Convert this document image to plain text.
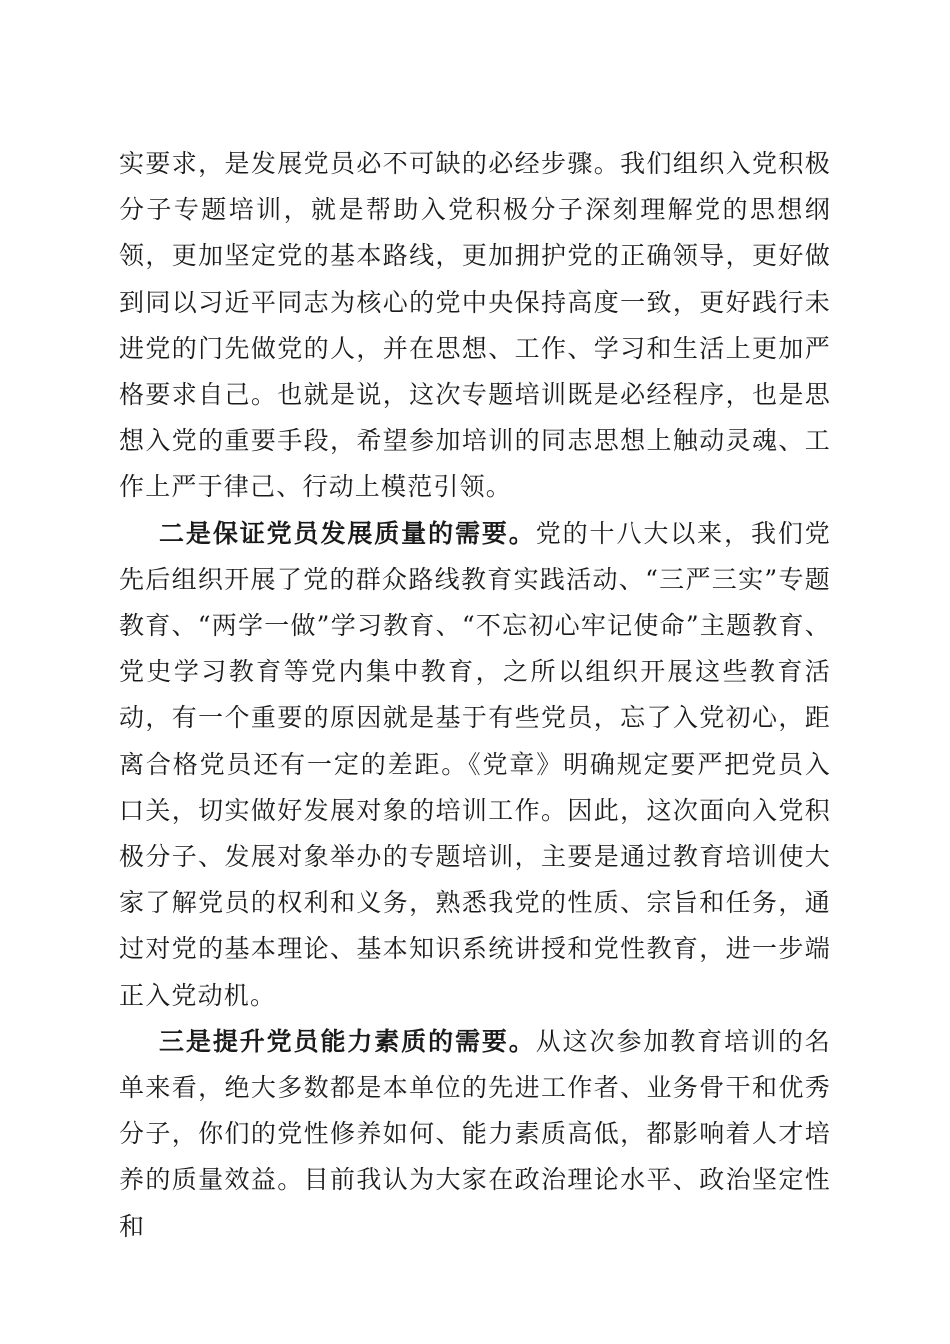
实要求，是发展党员必不可缺的必经步骤。我们组织入党积极分子专题培训，就是帮助入党积极分子深刻理解党的思想纲领，更加坚定党的基本路线，更加拥护党的正确领导，更好做到同以习近平同志为核心的党中央保持高度一致，更好践行未进党的门先做党的人，并在思想、工作、学习和生活上更加严格要求自己。也就是说，这次专题培训既是必经程序，也是思想入党的重要手段，希望参加培训的同志思想上触动灵魂、工作上严于律己、行动上模范引领。

二是保证党员发展质量的需要。党的十八大以来，我们党先后组织开展了党的群众路线教育实践活动、“三严三实”专题教育、“两学一做”学习教育、“不忘初心牢记使命”主题教育、党史学习教育等党内集中教育，之所以组织开展这些教育活动，有一个重要的原因就是基于有些党员，忘了入党初心，距离合格党员还有一定的差距。《党章》明确规定要严把党员入口关，切实做好发展对象的培训工作。因此，这次面向入党积极分子、发展对象举办的专题培训，主要是通过教育培训使大家了解党员的权利和义务，熟悉我党的性质、宗旨和任务，通过对党的基本理论、基本知识系统讲授和党性教育，进一步端正入党动机。

三是提升党员能力素质的需要。从这次参加教育培训的名单来看，绝大多数都是本单位的先进工作者、业务骨干和优秀分子，你们的党性修养如何、能力素质高低，都影响着人才培养的质量效益。目前我认为大家在政治理论水平、政治坚定性和
